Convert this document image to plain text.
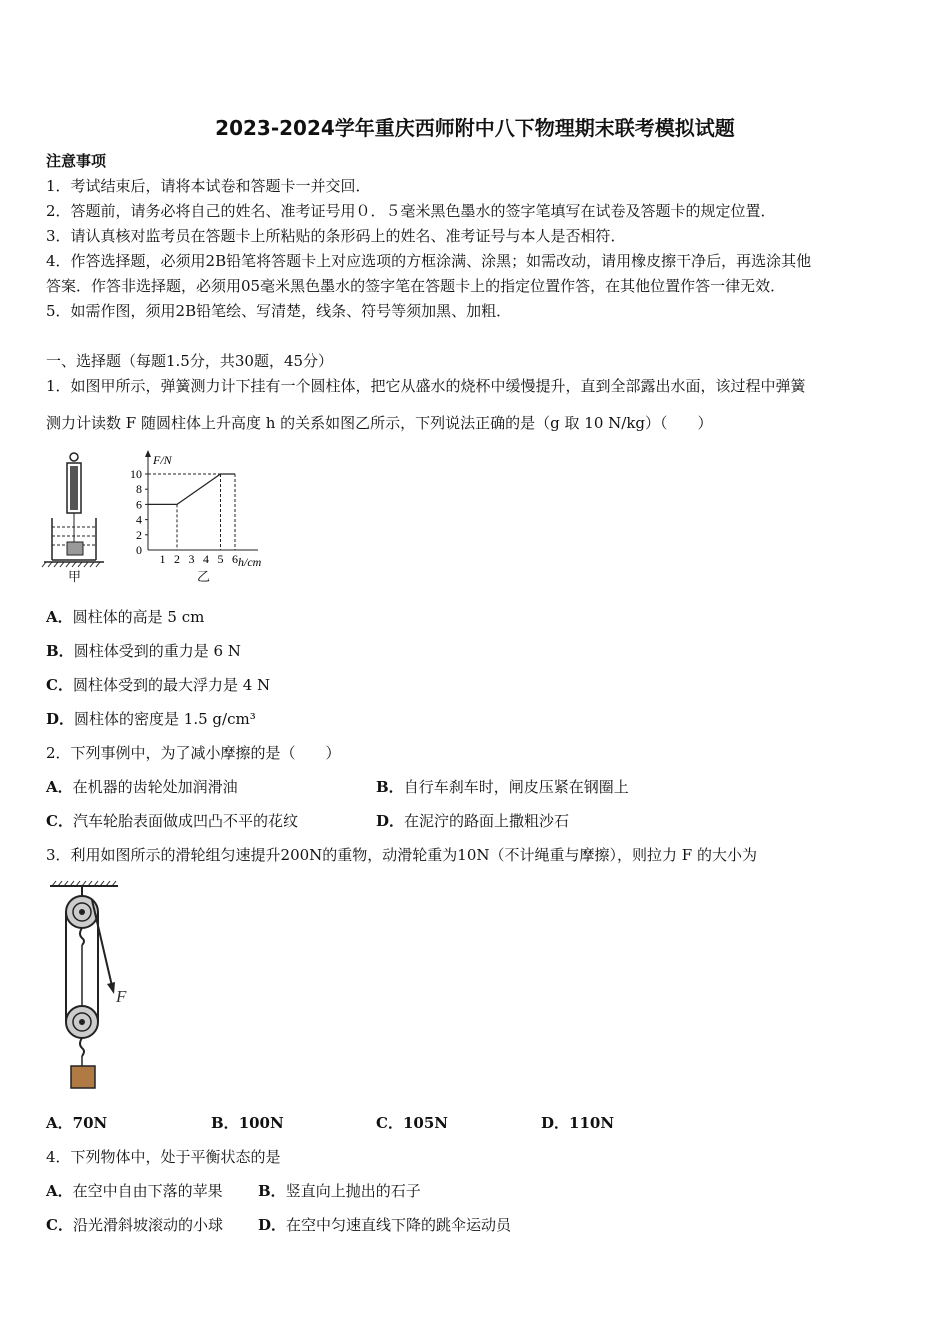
2023-2024学年重庆西师附中八下物理期末联考模拟试题
注意事项
1．考试结束后，请将本试卷和答题卡一并交回．
2．答题前，请务必将自己的姓名、准考证号用０．５毫米黑色墨水的签字笔填写在试卷及答题卡的规定位置．
3．请认真核对监考员在答题卡上所粘贴的条形码上的姓名、准考证号与本人是否相符．
4．作答选择题，必须用2B铅笔将答题卡上对应选项的方框涂满、涂黑；如需改动，请用橡皮擦干净后，再选涂其他
答案．作答非选择题，必须用05毫米黑色墨水的签字笔在答题卡上的指定位置作答，在其他位置作答一律无效．
5．如需作图，须用2B铅笔绘、写清楚，线条、符号等须加黑、加粗．
一、选择题（每题1.5分，共30题，45分）
1．如图甲所示，弹簧测力计下挂有一个圆柱体，把它从盛水的烧杯中缓慢提升，直到全部露出水面，该过程中弹簧
测力计读数 F 随圆柱体上升高度 h 的关系如图乙所示，下列说法正确的是（g 取 10 N/kg）（　　）
甲
F/N
h/cm
1 2 3 4 5 6
0
2
4
6
8
10
乙
A．圆柱体的高是 5 cm
B．圆柱体受到的重力是 6 N
C．圆柱体受到的最大浮力是 4 N
D．圆柱体的密度是 1.5 g/cm³
2．下列事例中，为了减小摩擦的是（　　）
A．在机器的齿轮处加润滑油	B．自行车刹车时，闸皮压紧在钢圈上
C．汽车轮胎表面做成凹凸不平的花纹	D．在泥泞的路面上撒粗沙石
3．利用如图所示的滑轮组匀速提升200N的重物，动滑轮重为10N（不计绳重与摩擦），则拉力 F 的大小为
F
A．70N	B．100N	C．105N	D．110N
4．下列物体中，处于平衡状态的是
A．在空中自由下落的苹果 B．竖直向上抛出的石子
C．沿光滑斜坡滚动的小球 D．在空中匀速直线下降的跳伞运动员
